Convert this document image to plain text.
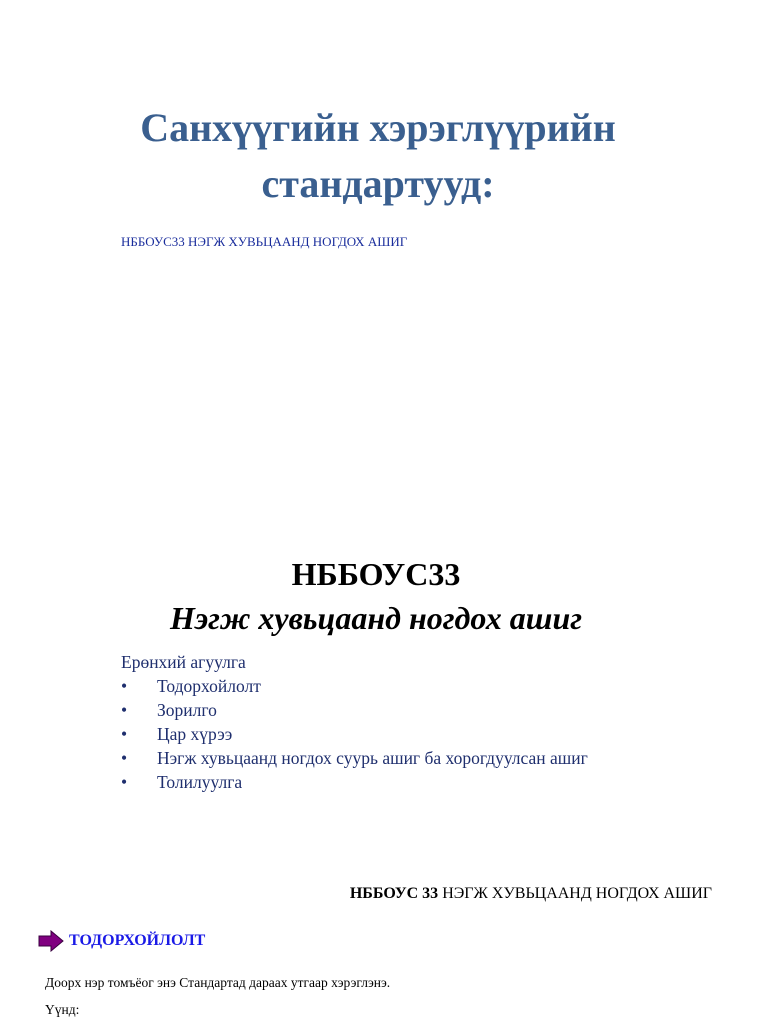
Санхүүгийн хэрэглүүрийн
стандартууд:

НББОУС33 НЭГЖ ХУВЬЦААНД НОГДОХ АШИГ

НББОУС33
Нэгж хувьцаанд ногдох ашиг

Ерөнхий агуулга

• Тодорхойлолт
• Зорилго
• Цар хүрээ
• Нэгж хувьцаанд ногдох суурь ашиг ба хорогдуулсан ашиг
• Толилуулга

НББОУС 33 НЭГЖ ХУВЬЦААНД НОГДОХ АШИГ

ТОДОРХОЙЛОЛТ

Доорх нэр томъёог энэ Стандартад дараах утгаар хэрэглэнэ.

Үүнд:
